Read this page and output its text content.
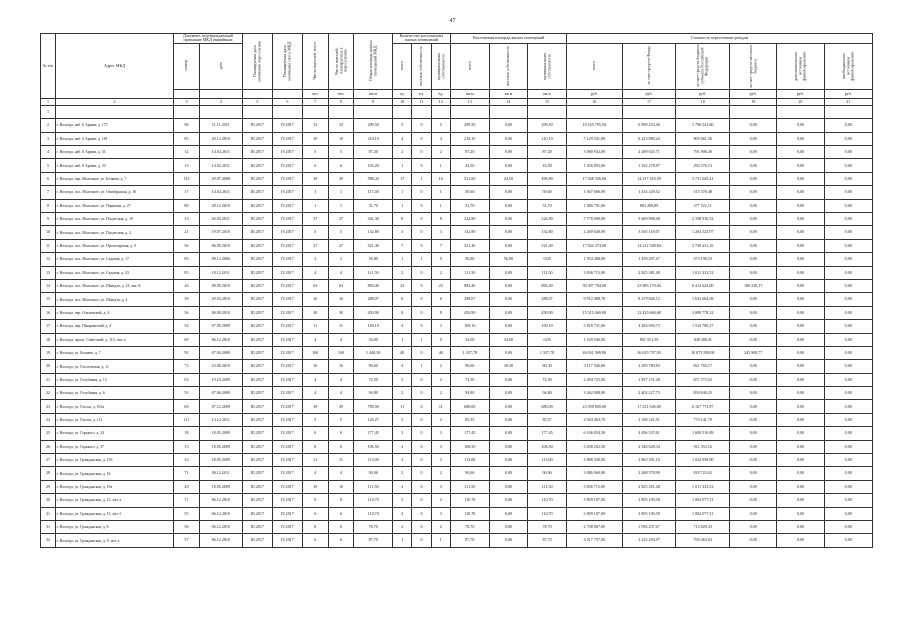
47
№ п/п	Адрес МКД	Документ, подтверждающий признание МКД аварийным		Планируемая дата окончания переселения	Планируемая дата окончания сноса МКД	Число жителей, всего	Число жителей, планируемых к переселению	Общая площадь жилых помещений МКД	Количество расселяемых жилых помещений			Расселяемая площадь жилых помещений			Стоимость переселения граждан					
		номер	дата						всего	частная собственность	муниципальная собственность	всего	частная собственность	муниципальная собственность	всего	за счет средств Фонда	за счет средств бюджета субъекта Российской Федерации	за счет средств местного бюджета	дополнительные источники финансирования	внебюджетные источники финансирования
						чел.	чел.	кв.м	ед.	ед.	ед.	кв.м	кв.м	кв.м	руб.	руб.	руб.	руб.	руб.	руб.
1	2	3	4	5	6	7	8	9	10	11	12	13	14	15	16	17	18	19	20	21
1																				
2	г. Вологда, наб. 6 Армии, д. 173	96	11.11.2011	III.2017	IV.2017	13	13	299,50	5	0	5	299,50	0,00	299,50	10 165 795,04	6 899 253,46	1 796 541,60	0,00	0,00	0,00
3	г. Вологда, наб. 6 Армии, д. 181	85	20.12.2010	III.2017	IV.2017	10	10	210,10	4	0	4	210,10	0,00	210,10	7 129 541,80	6 223 880,24	905 661,56	0,00	0,00	0,00
4	г. Вологда, наб. 6 Армии, д. 31	12	14.02.2011	III.2017	IV.2017	5	5	87,20	2	0	2	87,20	0,00	87,20	3 080 932,00	2 289 025,71	791 906,30	0,00	0,00	0,00
5	г. Вологда, наб. 6 Армии, д. 33	13	14.02.2011	III.2017	IV.2017	6	6	103,20	1	0	1	43,50	0,00	43,50	1 456 855,00	1 162 278,87	294 576,13	0,00	0,00	0,00
6	г. Вологда, пер. Молочное, ул. Беляева, д. 7	113	29.07.2008	III.2017	IV.2017	39	39	588,43	17	1	16	521,60	24,50	496,90	17 948 356,00	14 217 310,59	3 731 045,41	0,00	0,00	0,00
7	г. Вологда, пос. Молочное, ул. Октябрьская, д. 16	17	14.02.2011	III.2017	IV.2017	1	1	117,40	1	0	1	50,60	0,00	50,60	1 947 606,00	1 434 229,52	513 376,48	0,00	0,00	0,00
8	г. Вологда, пос. Молочное, ул. Парковая, д. 27	89	28.12.2010	III.2017	IV.2017	1	1	31,70	1	0	1	31,70	0,00	31,70	1 080 791,00	803 269,89	277 521,11	0,00	0,00	0,00
9	г. Вологда, пос. Молочное, ул. Подлесная, д. 10	13	02.03.2011	III.2017	IV.2017	37	37	341,30	8	0	8	224,90	0,00	224,90	7 778 000,00	5 669 908,48	2 108 910,52	0,00	0,00	0,00
10	г. Вологда, пос. Молочное, ул. Подлесная, д. 2	21	19.07.2010	III.2017	IV.2017	5	5	132,80	3	0	3	132,80	0,00	132,80	4 269 640,00	3 365 118,07	1 204 525,97	0,00	0,00	0,00
11	г. Вологда, пос. Молочное, ул. Пролетарская, д. 9	56	06.09.2010	III.2017	IV.2017	27	27	521,40	7	0	7	521,40	0,00	521,40	17 942 374,00	14 212 548,84	3 729 231,16	0,00	0,00	0,00
12	г. Вологда, пос. Молочное, ул. Садовая, д. 17	83	09.12.2006	III.2017	IV.2017	2	2	56,80	1	1	0	56,80	56,80	0,00	1 954 488,00	1 459 297,47	373 190,53	0,00	0,00	0,00
13	г. Вологда, пос. Молочное, ул. Садовая, д. 43	85	19.12.2011	III.2017	IV.2017	4	4	111,50	2	0	2	111,50	0,00	111,50	3 836 715,00	2 825 381,48	1 011 333,52	0,00	0,00	0,00
14	г. Вологда, пос. Молочное, ул. Шмидта, д. 23, лит. Б	26	09.09.2010	III.2017	IV.2017	63	63	883,40	23	0	23	883,40	0,00	883,40	30 397 794,00	23 985 170,04	6 412 624,00	100 238,17	0,00	0,00
15	г. Вологда, пос. Молочное, ул. Шмидта, д. 4	39	29.03.2010	III.2017	IV.2017	16	16	288,07	6	0	6	288,07	0,00	288,07	9 912 488,70	8 279 826,12	1 632 662,58	0,00	0,00	0,00
16	г. Вологда, пер. Ольховский, д. 4	36	06.09.2010	III.2017	IV.2017	30	30	450,90	8	0	8	450,90	0,00	450,90	15 515 469,00	12 425 660,68	3 089 778,32	0,00	0,00	0,00
17	г. Вологда, пер. Шмаринский, д. 4	54	07.09.2009	III.2017	IV.2017	11	11	169,10	3	0	3	169,10	0,00	169,10	5 818 731,00	4 284 950,73	1 533 780,27	0,00	0,00	0,00
18	г. Вологда, просп. Советский, д. 113, лит. а	69	06.12.2010	III.2017	IV.2017	4	4	34,00	1	1	0	34,00	34,00	0,00	1 169 940,00	861 551,59	308 388,41	0,00	0,00	0,00
19	г. Вологда, ул. Беляева, д. 7	92	07.04.2009	III.2017	IV.2017	160	160	1 440,30	40	0	40	1 337,78	9,00	1 337,78	46 031 509,80	36 025 797,93	10 073 598,00	245 908,77	0,00	0,00
20	г. Вологда, ул. Гоголевская, д. 11	73	23.08.2010	III.2017	IV.2017	16	16	90,60	3	1	2	90,60	30,30	60,30	3 117 546,00	2 295 780,83	821 765,17	0,00	0,00	0,00
21	г. Вологда, ул. Голубиная, д. 15	63	19.10.2009	III.2017	IV.2017	4	4	72,50	2	0	2	72,50	0,00	72,50	2 494 725,00	1 837 151,48	657 573,52	0,00	0,00	0,00
22	г. Вологда, ул. Голубиная, д. 6	53	07.06.2009	III.2017	IV.2017	4	4	94,80	2	0	2	94,80	0,00	94,80	3 262 068,00	2 402 227,75	859 840,25	0,00	0,00	0,00
23	г. Вологда, ул. Гоголя, д. 103а	69	07.12.2009	III.2017	IV.2017	39	39	780,90	11	0	11	680,00	0,00	680,00	23 398 800,00	17 231 026,00	6 167 773,97	0,00	0,00	0,00
24	г. Вологда, ул. Гоголя, д. 112	111	13.12.2011	III.2017	IV.2017	5	5	120,27	2	0	2	85,35	0,00	85,57	2 944 463,70	2 168 321,91	776 141,79	0,00	0,00	0,00
25	г. Вологда, ул. Горького, д. 34	18	18.05.2009	III.2017	IV.2017	6	6	177,45	3	0	3	177,45	0,00	177,45	6 106 054,50	4 496 537,61	1 609 516,89	0,00	0,00	0,00
26	г. Вологда, ул. Горького, д. 37	15	18.05.2009	III.2017	IV.2017	8	8	106,50	3	0	3	106,50	0,00	106,50	3 458 202,50	2 546 649,34	911 553,16	0,00	0,00	0,00
27	г. Вологда, ул. Гражданская, д. 156	33	18.05.2009	III.2017	IV.2017	11	11	113,00	3	0	3	113,00	0,00	113,00	3 888 330,00	2 863 391,10	1 024 938,90	0,00	0,00	0,00
28	г. Вологда, ул. Гражданская, д. 16	71	06.12.2011	III.2017	IV.2017	4	4	90,06	2	0	2	90,06	0,00	90,06	3 086 960,00	2 268 578,98	818 723,02	0,00	0,00	0,00
29	г. Вологда, ул. Гражданская, д. 19а	20	18.05.2009	III.2017	IV.2017	10	10	111,50	3	0	3	111,50	0,00	111,50	3 836 715,00	2 825 381,48	1 011 333,52	0,00	0,00	0,00
30	г. Вологда, ул. Гражданская, д. 15, лит. а	71	06.12.2010	III.2017	IV.2017	8	8	110,70	2	0	2	110,70	0,00	110,70	3 809 187,00	2 805 109,58	1 004 077,51	0,00	0,00	0,00
31	г. Вологда, ул. Гражданская, д. 15, лит. б	55	06.12.2010	III.2017	IV.2017	6	6	110,70	3	0	3	110,70	0,00	110,70	3 809 187,00	2 805 109,58	1 004 077,51	0,00	0,00	0,00
31	г. Вологда, ул. Гражданская, д. 8	56	06.12.2010	III.2017	IV.2017	8	8	78,70	2	0	2	78,70	0,00	78,70	2 708 067,00	1 994 237,67	713 829,33	0,00	0,00	0,00
32	г. Вологда, ул. Гражданская, д. 9, лит. а	57	06.12.2010	III.2017	IV.2017	6	6	87,70	1	0	1	87,70	0,00	87,70	3 017 757,00	2 222 293,97	795 463,03	0,00	0,00	0,00
